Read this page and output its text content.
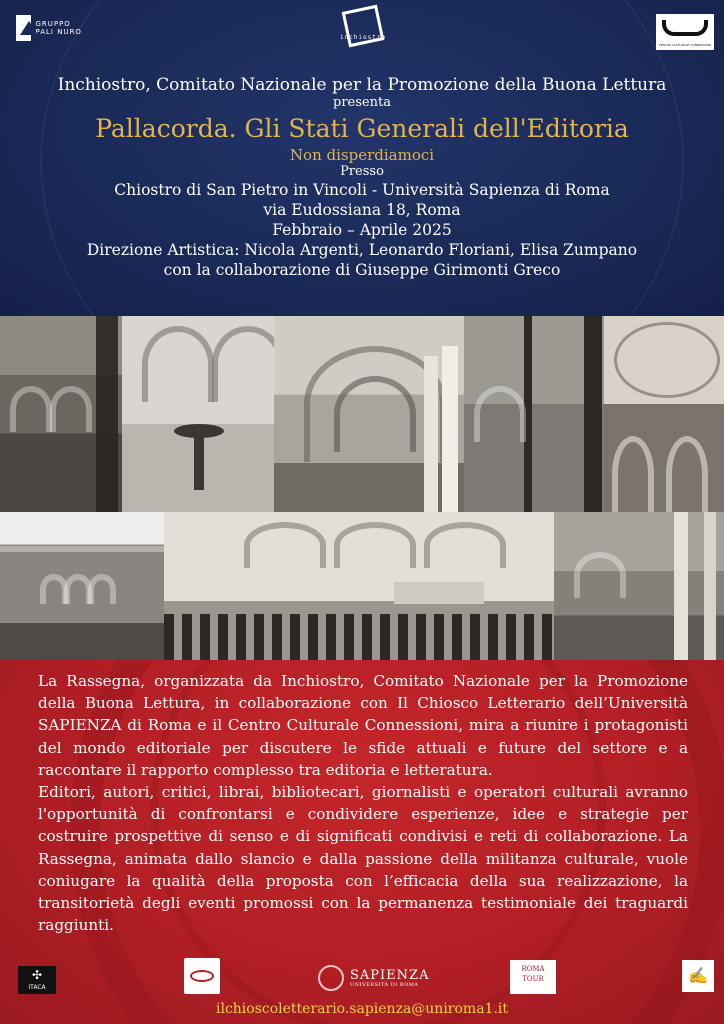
GRUPPO PALI NURO
inchiostro
CENTRO CULTURALE CONNESSIONI
Inchiostro, Comitato Nazionale per la Promozione della Buona Lettura
presenta
Pallacorda. Gli Stati Generali dell'Editoria
Non disperdiamoci
Presso
Chiostro di San Pietro in Vincoli - Università Sapienza di Roma
via Eudossiana 18, Roma
Febbraio – Aprile 2025
Direzione Artistica: Nicola Argenti, Leonardo Floriani, Elisa Zumpano
con la collaborazione di Giuseppe Girimonti Greco

La Rassegna, organizzata da Inchiostro, Comitato Nazionale per la Promozione della Buona Lettura, in collaborazione con Il Chiosco Letterario dell’Università SAPIENZA di Roma e il Centro Culturale Connessioni, mira a riunire i protagonisti del mondo editoriale per discutere le sfide attuali e future del settore e a raccontare il rapporto complesso tra editoria e letteratura.

Editori, autori, critici, librai, bibliotecari, giornalisti e operatori culturali avranno l'opportunità di confrontarsi e condividere esperienze, idee e strategie per costruire prospettive di senso e di significati condivisi e reti di collaborazione. La Rassegna, animata dallo slancio e dalla passione della militanza culturale, vuole coniugare la qualità della proposta con l’efficacia della sua realizzazione, la transitorietà degli eventi promossi con la permanenza testimoniale dei traguardi raggiunti.

✣
ITACA
SAPIENZA
UNIVERSITÀ DI ROMA
ROMA TOUR	✍
ilchioscoletterario.sapienza@uniroma1.it
